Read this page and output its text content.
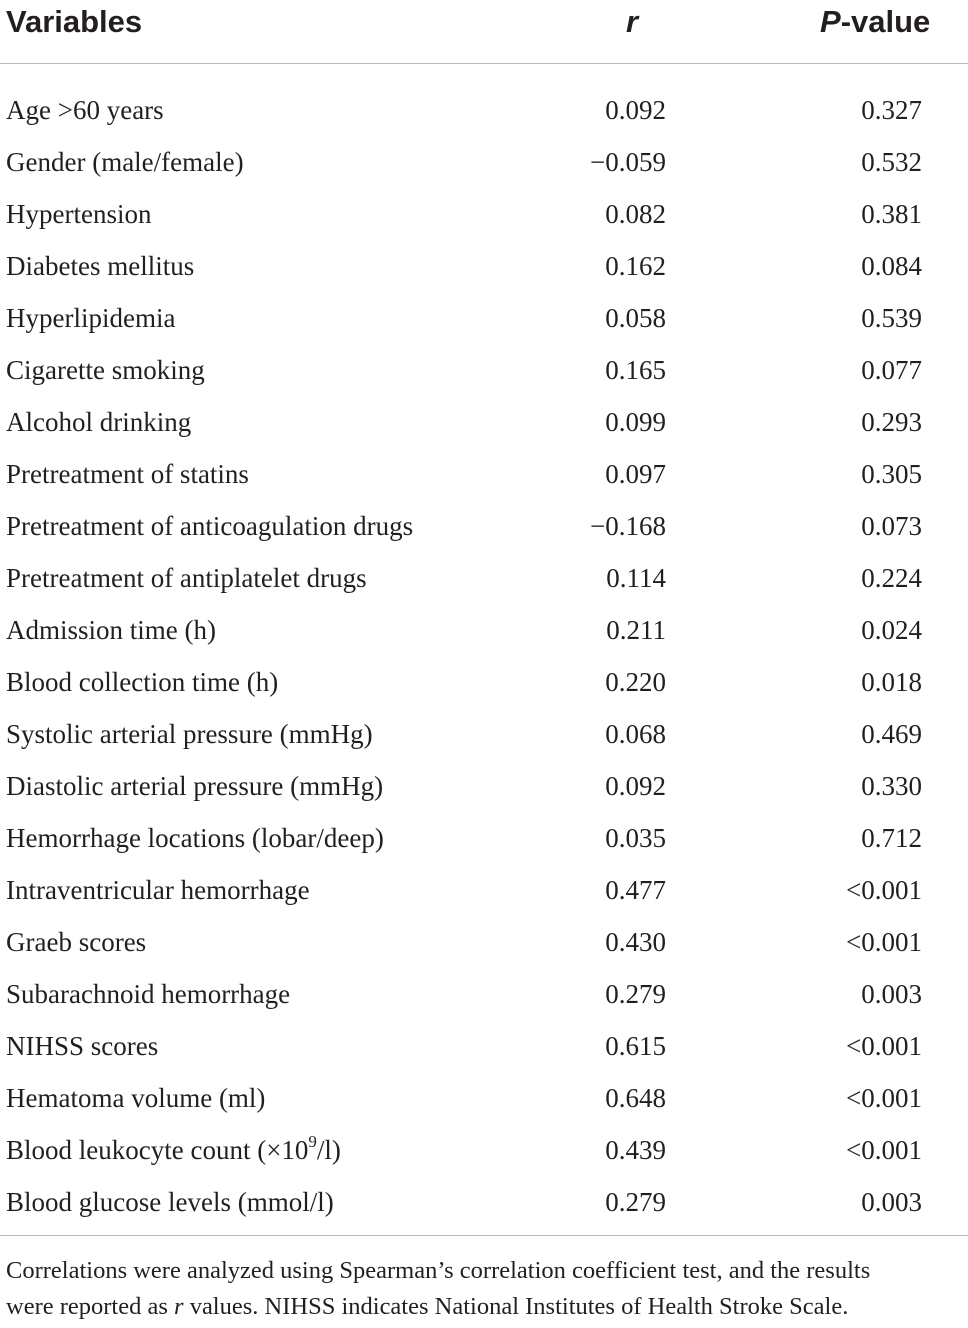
Variables	r	P-value
Age >60 years	0.092	0.327
Gender (male/female)	−0.059	0.532
Hypertension	0.082	0.381
Diabetes mellitus	0.162	0.084
Hyperlipidemia	0.058	0.539
Cigarette smoking	0.165	0.077
Alcohol drinking	0.099	0.293
Pretreatment of statins	0.097	0.305
Pretreatment of anticoagulation drugs	−0.168	0.073
Pretreatment of antiplatelet drugs	0.114	0.224
Admission time (h)	0.211	0.024
Blood collection time (h)	0.220	0.018
Systolic arterial pressure (mmHg)	0.068	0.469
Diastolic arterial pressure (mmHg)	0.092	0.330
Hemorrhage locations (lobar/deep)	0.035	0.712
Intraventricular hemorrhage	0.477	<0.001
Graeb scores	0.430	<0.001
Subarachnoid hemorrhage	0.279	0.003
NIHSS scores	0.615	<0.001
Hematoma volume (ml)	0.648	<0.001
Blood leukocyte count $(\times 10^9/l)$	0.439	<0.001
Blood glucose levels (mmol/l)	0.279	0.003
Correlations were analyzed using Spearman’s correlation coefficient test, and the results
were reported as r values. NIHSS indicates National Institutes of Health Stroke Scale.
